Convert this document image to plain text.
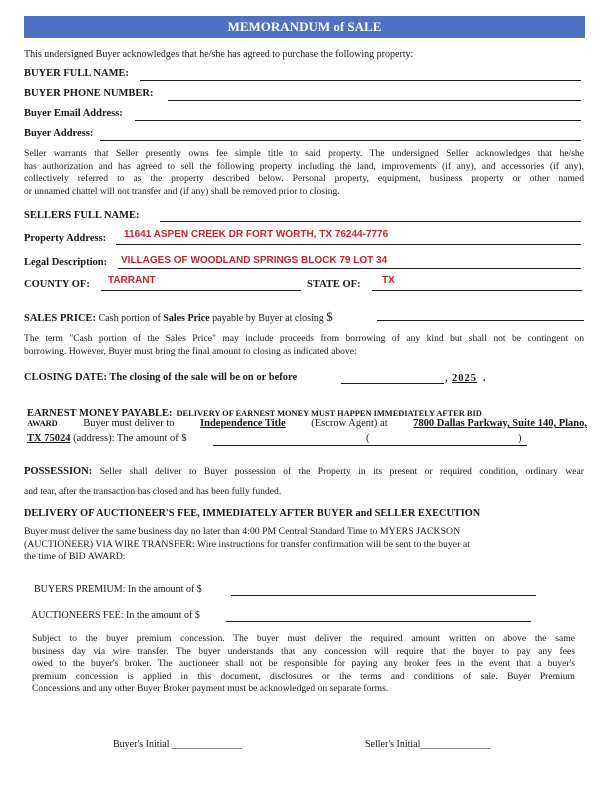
MEMORANDUM of SALE
This undersigned Buyer acknowledges that he/she has agreed to purchase the following property:
BUYER FULL NAME:
BUYER PHONE NUMBER:
Buyer Email Address:
Buyer Address:
Seller warrants that Seller presently owns fee simple title to said property. The undersigned Seller acknowledges that he/she
has authorization and has agreed to sell the following property including the land, improvements (if any), and accessories (if any),
collectively referred to as the property described below. Personal property, equipment, business property or other named
or unnamed chattel will not transfer and (if any) shall be removed prior to closing.
SELLERS FULL NAME:
Property Address: 11641 ASPEN CREEK DR FORT WORTH, TX 76244-7776
Legal Description: VILLAGES OF WOODLAND SPRINGS BLOCK 79 LOT 34
COUNTY OF: TARRANT	STATE OF: TX
SALES PRICE: Cash portion of Sales Price payable by Buyer at closing $
The term "Cash portion of the Sales Price" may include proceeds from borrowing of any kind but shall not be contingent on
borrowing. However, Buyer must bring the final amount to closing as indicated above:
CLOSING DATE: The closing of the sale will be on or before	, 2025 .
EARNEST MONEY PAYABLE: DELIVERY OF EARNEST MONEY MUST HAPPEN IMMEDIATELY AFTER BID
AWARD Buyer must deliver to Independence Title (Escrow Agent) at 7800 Dallas Parkway, Suite 140, Plano,
TX 75024 (address): The amount of $	(	)
POSSESSION: Seller shall deliver to Buyer possession of the Property in its present or required condition, ordinary wear
and tear, after the transaction has closed and has been fully funded.
DELIVERY OF AUCTIONEER'S FEE, IMMEDIATELY AFTER BUYER and SELLER EXECUTION
Buyer must deliver the same business day no later than 4:00 PM Central Standard Time to MYERS JACKSON
(AUCTIONEER) VIA WIRE TRANSFER: Wire instructions for transfer confirmation will be sent to the buyer at
the time of BID AWARD:
BUYERS PREMIUM: In the amount of $
AUCTIONEERS FEE: In the amount of $
Subject to the buyer premium concession. The buyer must deliver the required amount written on above the same
business day via wire transfer. The buyer understands that any concession will require that the buyer to pay any fees
owed to the buyer's broker. The auctioneer shall not be responsible for paying any broker fees in the event that a buyer's
premium concession is applied in this document, disclosures or the terms and conditions of sale. Buyer Premium
Concessions and any other Buyer Broker payment must be acknowledged on separate forms.
Buyer's Initial ______________	Seller's Initial______________
